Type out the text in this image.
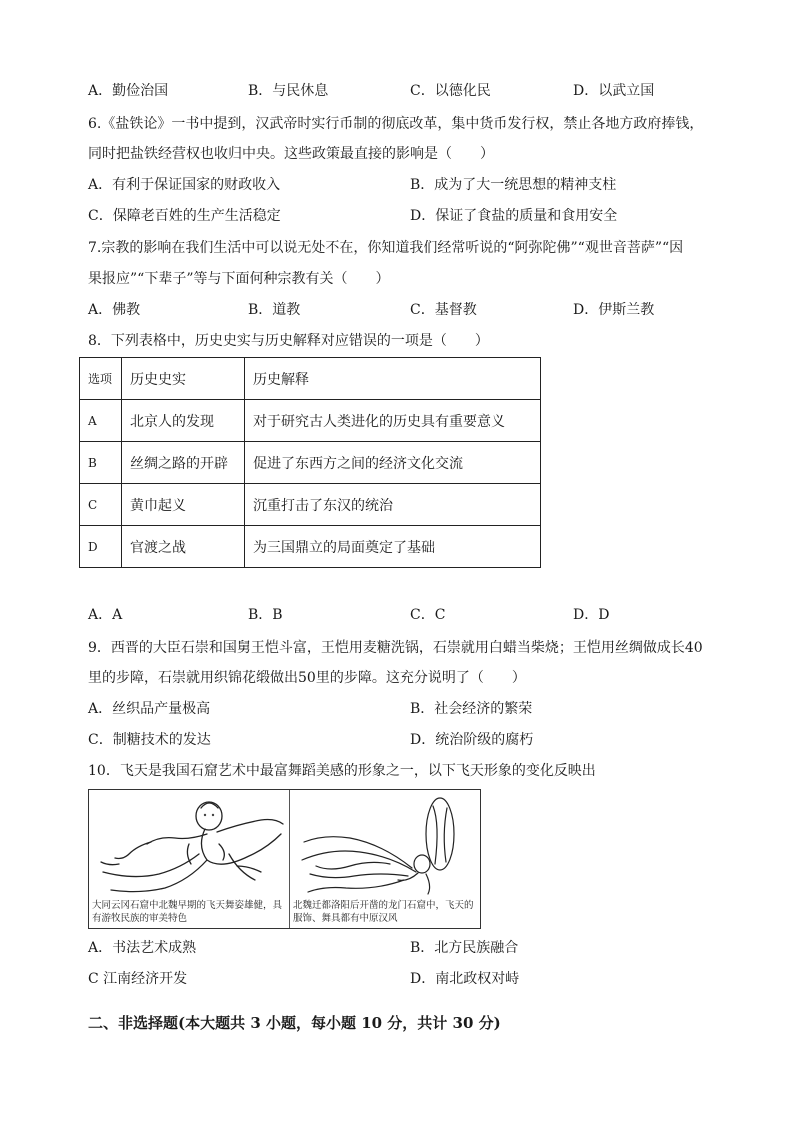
A．勤俭治国	B．与民休息	C．以德化民	D．以武立国
6.《盐铁论》一书中提到，汉武帝时实行币制的彻底改革，集中货币发行权，禁止各地方政府捧钱，
同时把盐铁经营权也收归中央。这些政策最直接的影响是（　　）
A．有利于保证国家的财政收入	B．成为了大一统思想的精神支柱
C．保障老百姓的生产生活稳定	D．保证了食盐的质量和食用安全
7.宗教的影响在我们生活中可以说无处不在，你知道我们经常听说的“阿弥陀佛”“观世音菩萨”“因
果报应”“下辈子”等与下面何种宗教有关（　　）
A．佛教	B．道教	C．基督教	D．伊斯兰教
8．下列表格中，历史史实与历史解释对应错误的一项是（　　）
选项	历史史实	历史解释
A	北京人的发现	对于研究古人类进化的历史具有重要意义
B	丝绸之路的开辟	促进了东西方之间的经济文化交流
C	黄巾起义	沉重打击了东汉的统治
D	官渡之战	为三国鼎立的局面奠定了基础
A．A	B．B	C．C	D．D
9．西晋的大臣石崇和国舅王恺斗富，王恺用麦糖洗锅，石崇就用白蜡当柴烧；王恺用丝绸做成长40
里的步障，石崇就用织锦花缎做出50里的步障。这充分说明了（　　）
A．丝织品产量极高	B．社会经济的繁荣
C．制糖技术的发达	D．统治阶级的腐朽
10．飞天是我国石窟艺术中最富舞蹈美感的形象之一，以下飞天形象的变化反映出
大同云冈石窟中北魏早期的飞天舞姿雄健，具有游牧民族的审美特色
北魏迁都洛阳后开凿的龙门石窟中，飞天的服饰、舞具都有中原汉风
A．书法艺术成熟	B．北方民族融合
C 江南经济开发	D．南北政权对峙
二、非选择题(本大题共 3 小题，每小题 10 分，共计 30 分)
